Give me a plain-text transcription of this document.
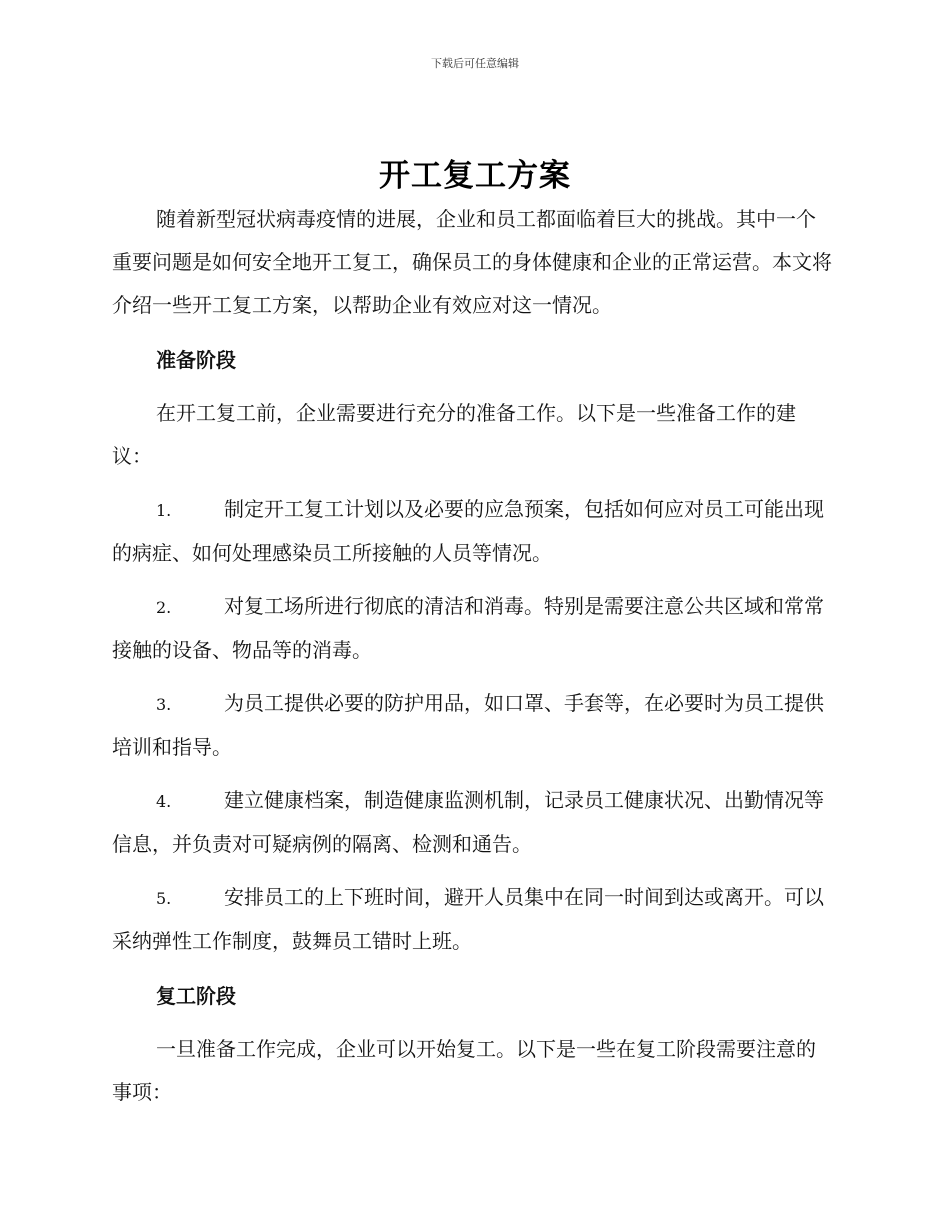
下载后可任意编辑
开工复工方案

随着新型冠状病毒疫情的进展，企业和员工都面临着巨大的挑战。其中一个重要问题是如何安全地开工复工，确保员工的身体健康和企业的正常运营。本文将介绍一些开工复工方案，以帮助企业有效应对这一情况。

准备阶段

在开工复工前，企业需要进行充分的准备工作。以下是一些准备工作的建议：

1.	制定开工复工计划以及必要的应急预案，包括如何应对员工可能出现的病症、如何处理感染员工所接触的人员等情况。

2.	对复工场所进行彻底的清洁和消毒。特别是需要注意公共区域和常常接触的设备、物品等的消毒。

3.	为员工提供必要的防护用品，如口罩、手套等，在必要时为员工提供培训和指导。

4.	建立健康档案，制造健康监测机制，记录员工健康状况、出勤情况等信息，并负责对可疑病例的隔离、检测和通告。

5.	安排员工的上下班时间，避开人员集中在同一时间到达或离开。可以采纳弹性工作制度，鼓舞员工错时上班。

复工阶段

一旦准备工作完成，企业可以开始复工。以下是一些在复工阶段需要注意的事项：
